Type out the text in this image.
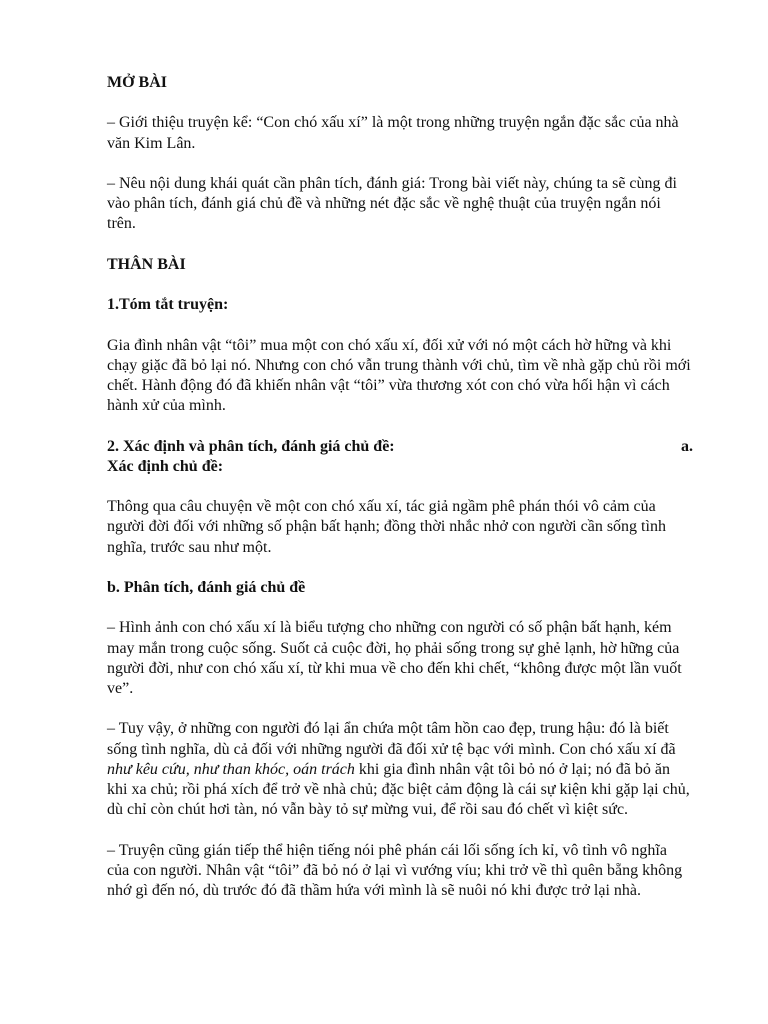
MỞ BÀI

– Giới thiệu truyện kể: “Con chó xấu xí” là một trong những truyện ngắn đặc sắc của nhà văn Kim Lân.

– Nêu nội dung khái quát cần phân tích, đánh giá: Trong bài viết này, chúng ta sẽ cùng đi vào phân tích, đánh giá chủ đề và những nét đặc sắc về nghệ thuật của truyện ngắn nói trên.

THÂN BÀI
1.Tóm tắt truyện:

Gia đình nhân vật “tôi” mua một con chó xấu xí, đối xử với nó một cách hờ hững và khi chạy giặc đã bỏ lại nó. Nhưng con chó vẫn trung thành với chủ, tìm về nhà gặp chủ rồi mới chết. Hành động đó đã khiến nhân vật “tôi” vừa thương xót con chó vừa hối hận vì cách hành xử của mình.

2. Xác định và phân tích, đánh giá chủ đề:	a.
Xác định chủ đề:

Thông qua câu chuyện về một con chó xấu xí, tác giả ngầm phê phán thói vô cảm của người đời đối với những số phận bất hạnh; đồng thời nhắc nhở con người cần sống tình nghĩa, trước sau như một.

b. Phân tích, đánh giá chủ đề

– Hình ảnh con chó xấu xí là biểu tượng cho những con người có số phận bất hạnh, kém may mắn trong cuộc sống. Suốt cả cuộc đời, họ phải sống trong sự ghẻ lạnh, hờ hững của người đời, như con chó xấu xí, từ khi mua về cho đến khi chết, “không được một lần vuốt ve”.

– Tuy vậy, ở những con người đó lại ẩn chứa một tâm hồn cao đẹp, trung hậu: đó là biết sống tình nghĩa, dù cả đối với những người đã đối xử tệ bạc với mình. Con chó xấu xí đã như kêu cứu, như than khóc, oán trách khi gia đình nhân vật tôi bỏ nó ở lại; nó đã bỏ ăn khi xa chủ; rồi phá xích để trở về nhà chủ; đặc biệt cảm động là cái sự kiện khi gặp lại chủ, dù chỉ còn chút hơi tàn, nó vẫn bày tỏ sự mừng vui, để rồi sau đó chết vì kiệt sức.

– Truyện cũng gián tiếp thể hiện tiếng nói phê phán cái lối sống ích kỉ, vô tình vô nghĩa của con người. Nhân vật “tôi” đã bỏ nó ở lại vì vướng víu; khi trở về thì quên bẵng không nhớ gì đến nó, dù trước đó đã thầm hứa với mình là sẽ nuôi nó khi được trở lại nhà.
